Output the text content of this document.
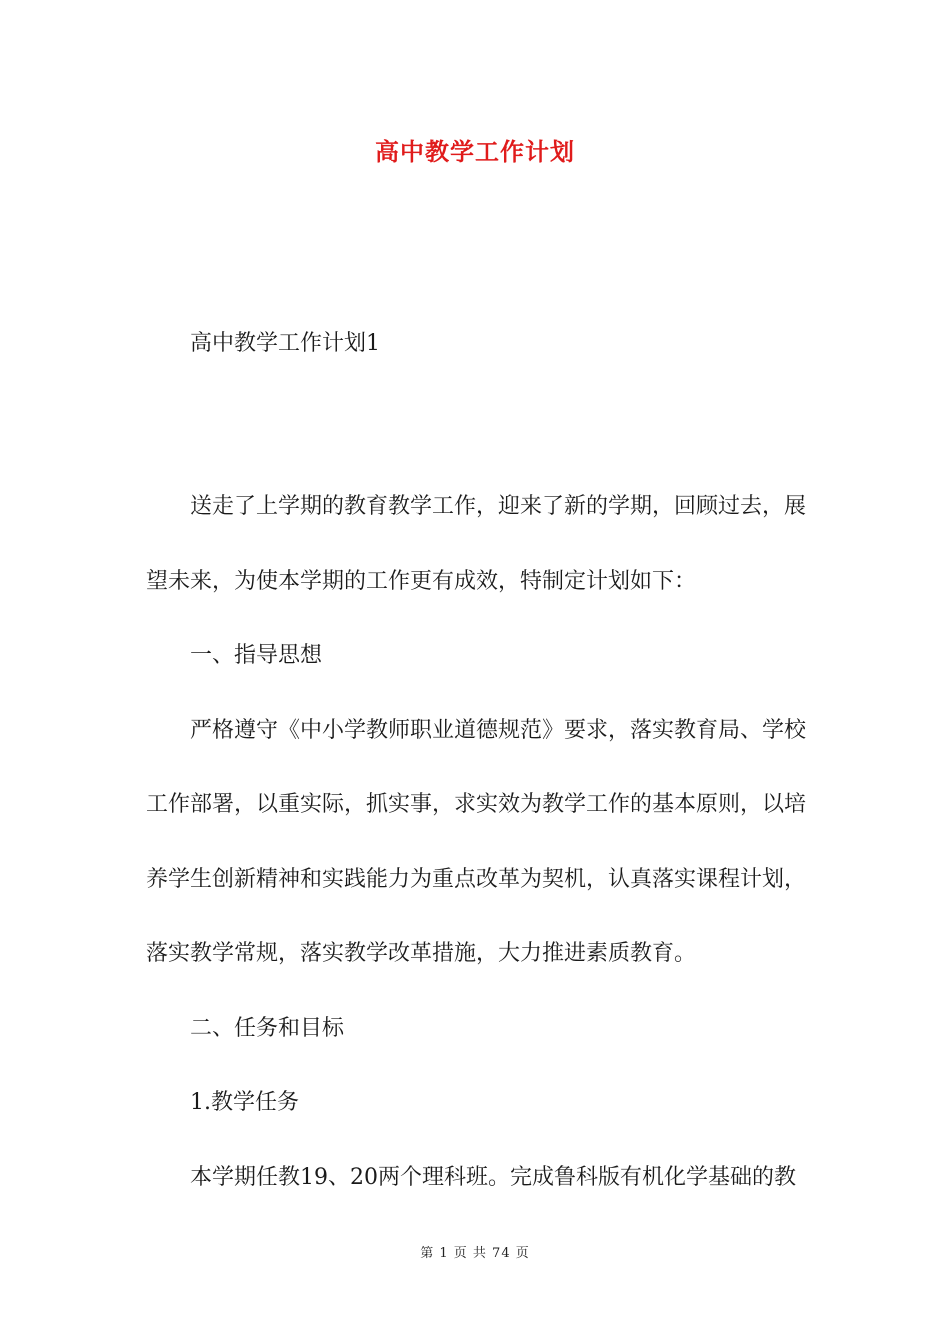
高中教学工作计划
高中教学工作计划1

送走了上学期的教育教学工作，迎来了新的学期，回顾过去，展望未来，为使本学期的工作更有成效，特制定计划如下：

一、指导思想

严格遵守《中小学教师职业道德规范》要求，落实教育局、学校工作部署，以重实际，抓实事，求实效为教学工作的基本原则，以培养学生创新精神和实践能力为重点改革为契机，认真落实课程计划，落实教学常规，落实教学改革措施，大力推进素质教育。

二、任务和目标

1.教学任务

本学期任教19、20两个理科班。完成鲁科版有机化学基础的教

第 1 页 共 74 页
